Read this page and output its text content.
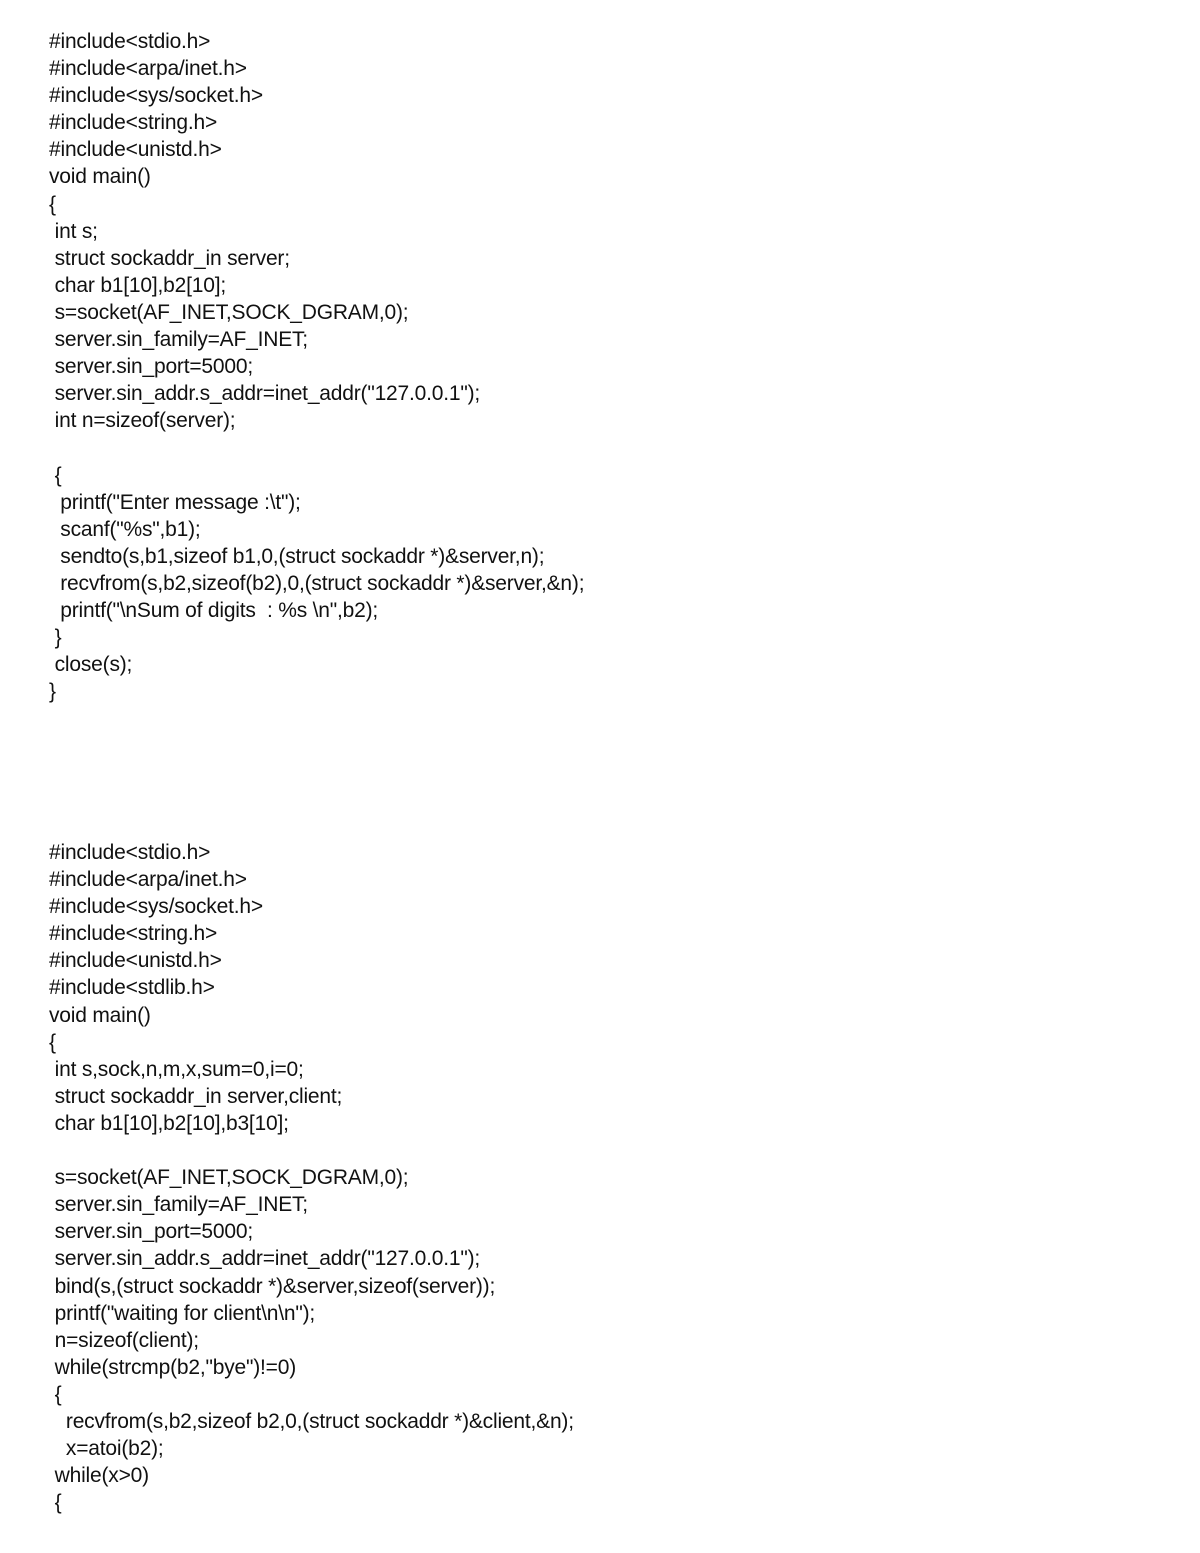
#include<stdio.h>
#include<arpa/inet.h>
#include<sys/socket.h>
#include<string.h>
#include<unistd.h>
void main()
{
int s;
struct sockaddr_in server;
char b1[10],b2[10];
s=socket(AF_INET,SOCK_DGRAM,0);
server.sin_family=AF_INET;
server.sin_port=5000;
server.sin_addr.s_addr=inet_addr("127.0.0.1");
int n=sizeof(server);
{
printf("Enter message :\t");
scanf("%s",b1);
sendto(s,b1,sizeof b1,0,(struct sockaddr *)&server,n);
recvfrom(s,b2,sizeof(b2),0,(struct sockaddr *)&server,&n);
printf("\nSum of digits  : %s \n",b2);
}
close(s);
}
#include<stdio.h>
#include<arpa/inet.h>
#include<sys/socket.h>
#include<string.h>
#include<unistd.h>
#include<stdlib.h>
void main()
{
int s,sock,n,m,x,sum=0,i=0;
struct sockaddr_in server,client;
char b1[10],b2[10],b3[10];
s=socket(AF_INET,SOCK_DGRAM,0);
server.sin_family=AF_INET;
server.sin_port=5000;
server.sin_addr.s_addr=inet_addr("127.0.0.1");
bind(s,(struct sockaddr *)&server,sizeof(server));
printf("waiting for client\n\n");
n=sizeof(client);
while(strcmp(b2,"bye")!=0)
{
recvfrom(s,b2,sizeof b2,0,(struct sockaddr *)&client,&n);
x=atoi(b2);
while(x>0)
{
